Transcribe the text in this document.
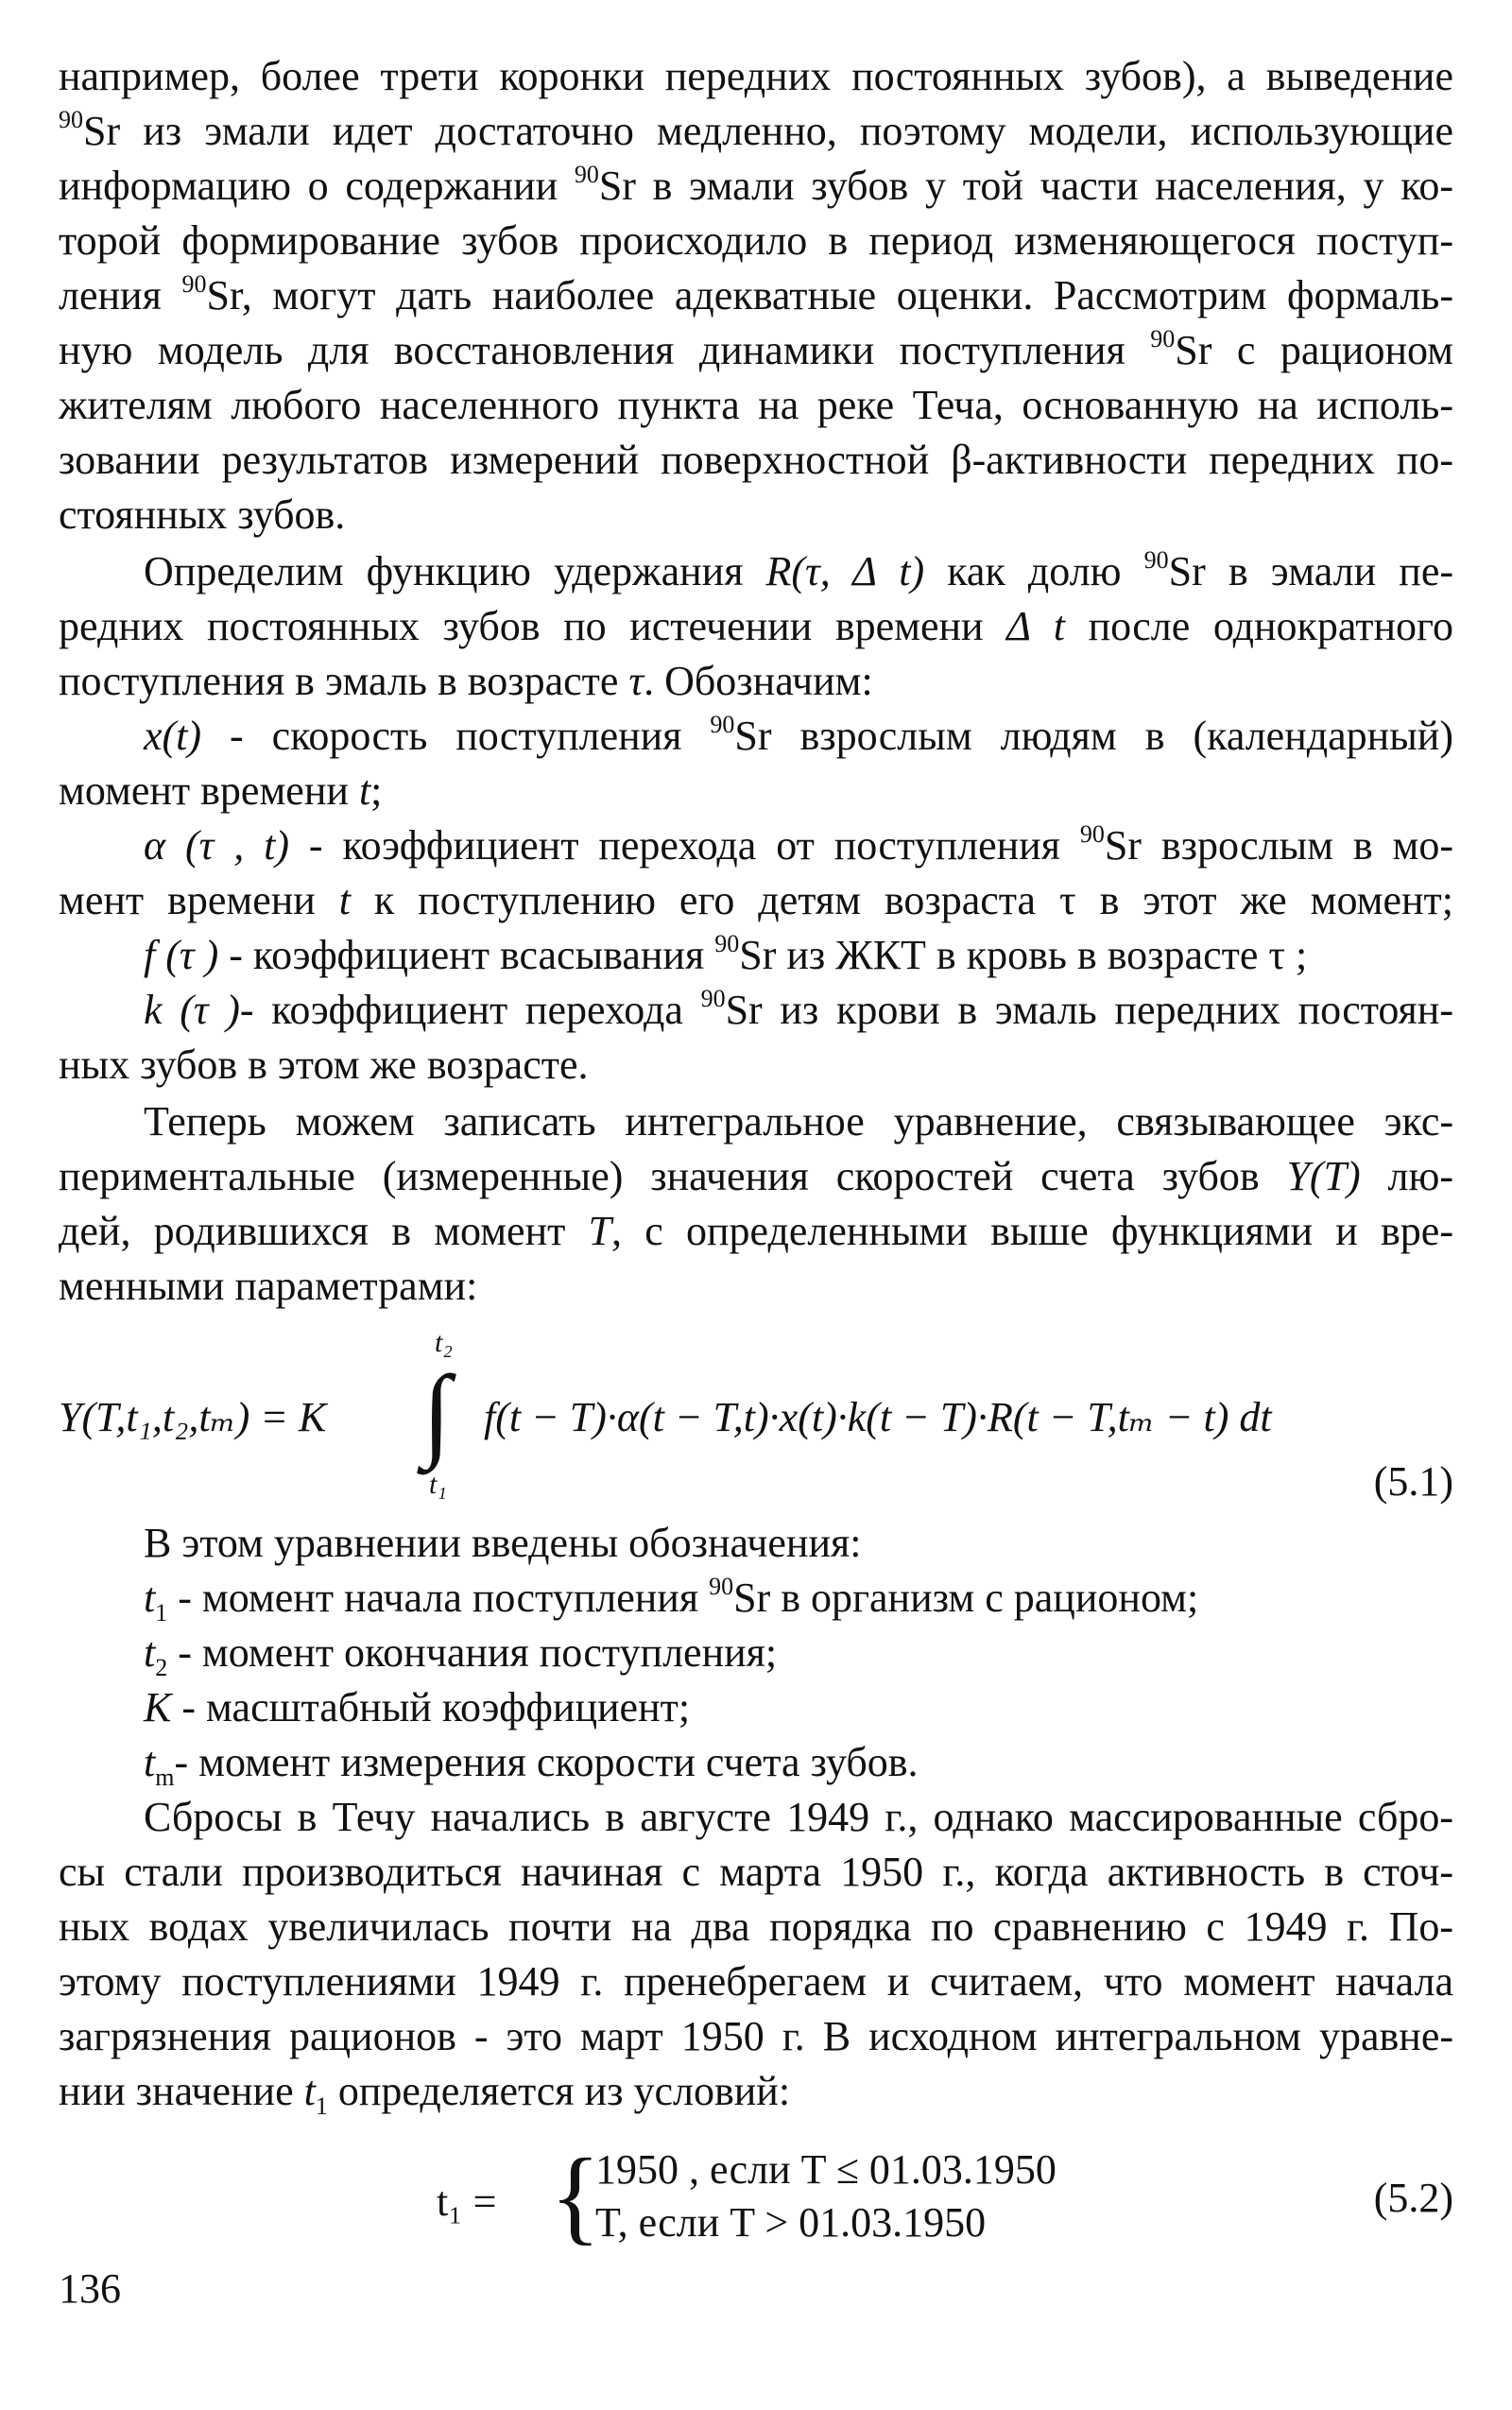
например, более трети коронки передних постоянных зубов), а выведение
$^{90}$Sr из эмали идет достаточно медленно, поэтому модели, использующие
информацию о содержании $^{90}$Sr в эмали зубов у той части населения, у ко-
торой формирование зубов происходило в период изменяющегося поступ-
ления $^{90}$Sr, могут дать наиболее адекватные оценки. Рассмотрим формаль-
ную модель для восстановления динамики поступления $^{90}$Sr с рационом
жителям любого населенного пункта на реке Теча, основанную на исполь-
зовании результатов измерений поверхностной β-активности передних по-
стоянных зубов.
Определим функцию удержания R(τ, Δ t) как долю $^{90}$Sr в эмали пе-
редних постоянных зубов по истечении времени Δ t после однократного
поступления в эмаль в возрасте τ. Обозначим:
x(t) - скорость поступления $^{90}$Sr взрослым людям в (календарный)
момент времени t;
α (τ , t) - коэффициент перехода от поступления $^{90}$Sr взрослым в мо-
мент времени t к поступлению его детям возраста τ в этот же момент;
f (τ ) - коэффициент всасывания $^{90}$Sr из ЖКТ в кровь в возрасте τ ;
k (τ )- коэффициент перехода $^{90}$Sr из крови в эмаль передних постоян-
ных зубов в этом же возрасте.
Теперь можем записать интегральное уравнение, связывающее экс-
периментальные (измеренные) значения скоростей счета зубов Y(T) лю-
дей, родившихся в момент T, с определенными выше функциями и вре-
менными параметрами:
Y(T,t₁,t₂,tₘ) = K
t₂
∫
t₁
f(t − T)·α(t − T,t)·x(t)·k(t − T)·R(t − T,tₘ − t) dt
(5.1)
В этом уравнении введены обозначения:
$t_1$ - момент начала поступления $^{90}$Sr в организм с рационом;
$t_2$ - момент окончания поступления;
K - масштабный коэффициент;
$t_m-$ момент измерения скорости счета зубов.
Сбросы в Течу начались в августе 1949 г., однако массированные сбро-
сы стали производиться начиная с марта 1950 г., когда активность в сточ-
ных водах увеличилась почти на два порядка по сравнению с 1949 г. По-
этому поступлениями 1949 г. пренебрегаем и считаем, что момент начала
загрязнения рационов - это март 1950 г. В исходном интегральном уравне-
нии значение $t_1$ определяется из условий:
t₁ = {
1950 , если T ≤ 01.03.1950
T, если T > 01.03.1950
(5.2)
136
